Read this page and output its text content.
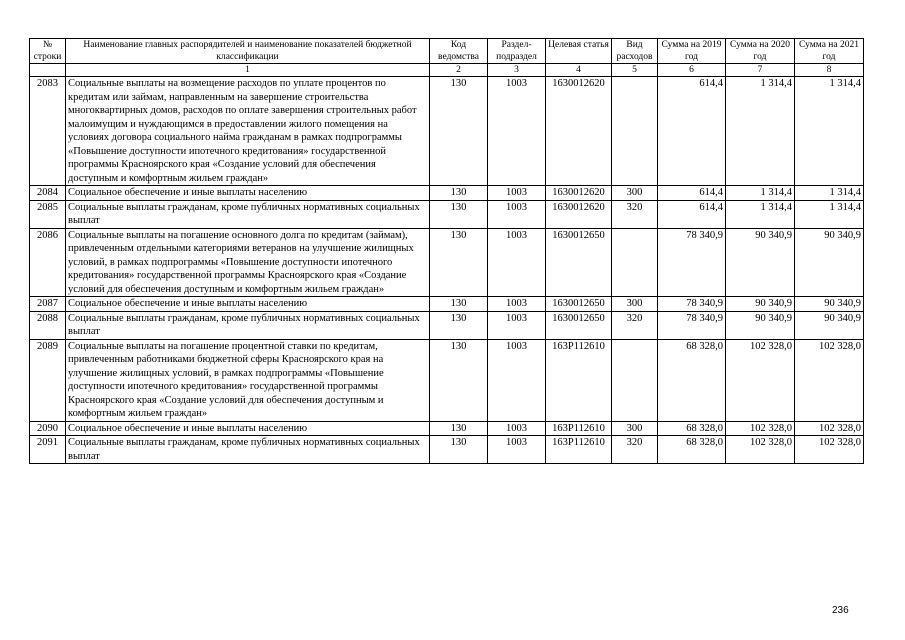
№ строки	Наименование главных распорядителей и наименование показателей бюджетной классификации	Код ведомства	Раздел-подраздел	Целевая статья	Вид расходов	Сумма на 2019 год	Сумма на 2020 год	Сумма на 2021 год
	1	2	3	4	5	6	7	8
2083	Социальные выплаты на возмещение расходов по уплате процентов по кредитам или займам, направленным на завершение строительства многоквартирных домов, расходов по оплате завершения строительных работ малоимущим и нуждающимся в предоставлении жилого помещения на условиях договора социального найма гражданам в рамках подпрограммы «Повышение доступности ипотечного кредитования» государственной программы Красноярского края «Создание условий для обеспечения доступным и комфортным жильем граждан»	130	1003	1630012620		614,4	1 314,4	1 314,4
2084	Социальное обеспечение и иные выплаты населению	130	1003	1630012620	300	614,4	1 314,4	1 314,4
2085	Социальные выплаты гражданам, кроме публичных нормативных социальных выплат	130	1003	1630012620	320	614,4	1 314,4	1 314,4
2086	Социальные выплаты на погашение основного долга по кредитам (займам), привлеченным отдельными категориями ветеранов на улучшение жилищных условий, в рамках подпрограммы «Повышение доступности ипотечного кредитования» государственной программы Красноярского края «Создание условий для обеспечения доступным и комфортным жильем граждан»	130	1003	1630012650		78 340,9	90 340,9	90 340,9
2087	Социальное обеспечение и иные выплаты населению	130	1003	1630012650	300	78 340,9	90 340,9	90 340,9
2088	Социальные выплаты гражданам, кроме публичных нормативных социальных выплат	130	1003	1630012650	320	78 340,9	90 340,9	90 340,9
2089	Социальные выплаты на погашение процентной ставки по кредитам, привлеченным работниками бюджетной сферы Красноярского края на улучшение жилищных условий, в рамках подпрограммы «Повышение доступности ипотечного кредитования» государственной программы Красноярского края «Создание условий для обеспечения доступным и комфортным жильем граждан»	130	1003	163P112610		68 328,0	102 328,0	102 328,0
2090	Социальное обеспечение и иные выплаты населению	130	1003	163P112610	300	68 328,0	102 328,0	102 328,0
2091	Социальные выплаты гражданам, кроме публичных нормативных социальных выплат	130	1003	163P112610	320	68 328,0	102 328,0	102 328,0
236
